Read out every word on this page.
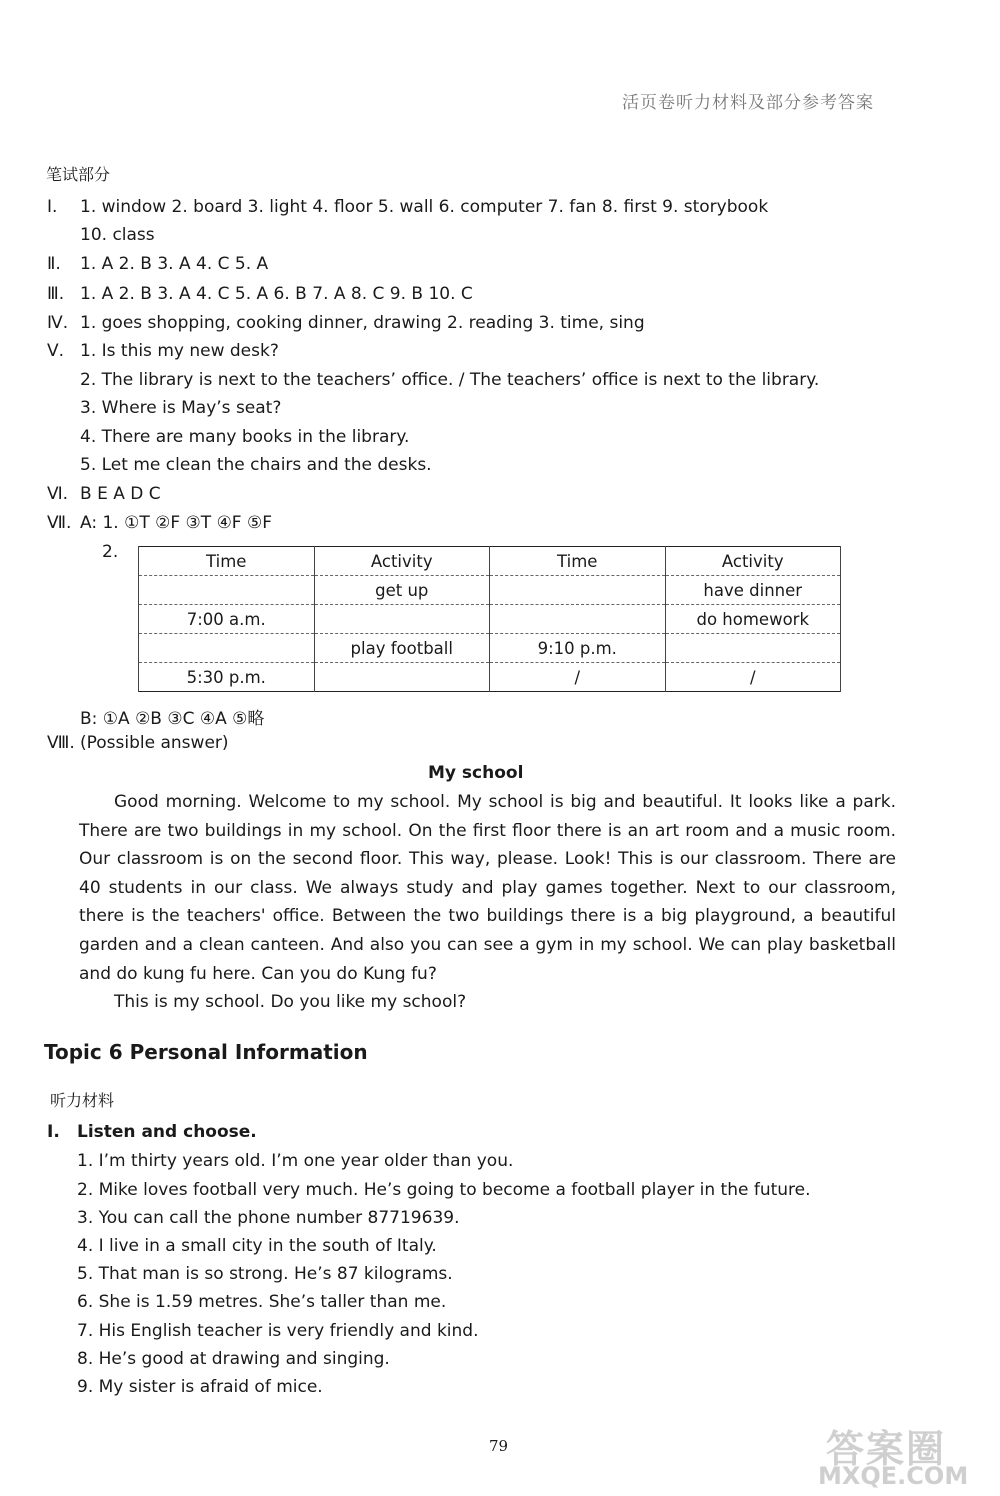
活页卷听力材料及部分参考答案
笔试部分
Ⅰ. 1. window 2. board 3. light 4. floor 5. wall 6. computer 7. fan 8. first 9. storybook
10. class
Ⅱ. 1. A 2. B 3. A 4. C 5. A
Ⅲ. 1. A 2. B 3. A 4. C 5. A 6. B 7. A 8. C 9. B 10. C
Ⅳ. 1. goes shopping, cooking dinner, drawing 2. reading 3. time, sing
Ⅴ. 1. Is this my new desk?
2. The library is next to the teachers’ office. / The teachers’ office is next to the library.
3. Where is May’s seat?
4. There are many books in the library.
5. Let me clean the chairs and the desks.
Ⅵ. B E A D C
Ⅶ. A: 1. ①T ②F ③T ④F ⑤F
2.	Time	Activity	Time	Activity
	get up		have dinner
7:00 a.m.			do homework
	play football	9:10 p.m.	
5:30 p.m.		/	/
B: ①A ②B ③C ④A ⑤略
Ⅷ. (Possible answer)
My school

Good morning. Welcome to my school. My school is big and beautiful. It looks like a park. There are two buildings in my school. On the first floor there is an art room and a music room. Our classroom is on the second floor. This way, please. Look! This is our classroom. There are 40 students in our class. We always study and play games together. Next to our classroom, there is the teachers' office. Between the two buildings there is a big playground, a beautiful garden and a clean canteen. And also you can see a gym in my school. We can play basketball and do kung fu here. Can you do Kung fu?

This is my school. Do you like my school?

Topic 6 Personal Information
听力材料
Ⅰ. Listen and choose.
1. I’m thirty years old. I’m one year older than you.
2. Mike loves football very much. He’s going to become a football player in the future.
3. You can call the phone number 87719639.
4. I live in a small city in the south of Italy.
5. That man is so strong. He’s 87 kilograms.
6. She is 1.59 metres. She’s taller than me.
7. His English teacher is very friendly and kind.
8. He’s good at drawing and singing.
9. My sister is afraid of mice.
79	答案圈
MXQE.COM
